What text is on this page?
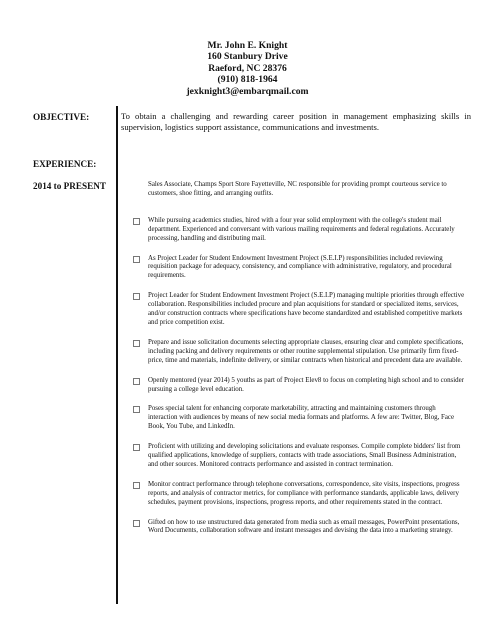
Mr. John E. Knight
160 Stanbury Drive
Raeford, NC 28376
(910) 818-1964
jexknight3@embarqmail.com
OBJECTIVE:	To obtain a challenging and rewarding career position in management emphasizing skills in supervision, logistics support assistance, communications and investments.
EXPERIENCE:
2014 to PRESENT	Sales Associate, Champs Sport Store Fayetteville, NC responsible for providing prompt courteous service to customers, shoe fitting, and arranging outfits.
While pursuing academics studies, hired with a four year solid employment with the college's student mail department. Experienced and conversant with various mailing requirements and federal regulations. Accurately processing, handling and distributing mail.
As Project Leader for Student Endowment Investment Project (S.E.I.P) responsibilities included reviewing requisition package for adequacy, consistency, and compliance with administrative, regulatory, and procedural requirements.
Project Leader for Student Endowment Investment Project (S.E.I.P) managing multiple priorities through effective collaboration. Responsibilities included procure and plan acquisitions for standard or specialized items, services, and/or construction contracts where specifications have become standardized and established competitive markets and price competition exist.
Prepare and issue solicitation documents selecting appropriate clauses, ensuring clear and complete specifications, including packing and delivery requirements or other routine supplemental stipulation. Use primarily firm fixed-price, time and materials, indefinite delivery, or similar contracts when historical and precedent data are available.
Openly mentored (year 2014) 5 youths as part of Project Elev8 to focus on completing high school and to consider pursuing a college level education.
Poses special talent for enhancing corporate marketability, attracting and maintaining customers through interaction with audiences by means of new social media formats and platforms. A few are: Twitter, Blog, Face Book, You Tube, and LinkedIn.
Proficient with utilizing and developing solicitations and evaluate responses. Compile complete bidders' list from qualified applications, knowledge of suppliers, contacts with trade associations, Small Business Administration, and other sources. Monitored contracts performance and assisted in contract termination.
Monitor contract performance through telephone conversations, correspondence, site visits, inspections, progress reports, and analysis of contractor metrics, for compliance with performance standards, applicable laws, delivery schedules, payment provisions, inspections, progress reports, and other requirements stated in the contract.
Gifted on how to use unstructured data generated from media such as email messages, PowerPoint presentations, Word Documents, collaboration software and instant messages and devising the data into a marketing strategy.
